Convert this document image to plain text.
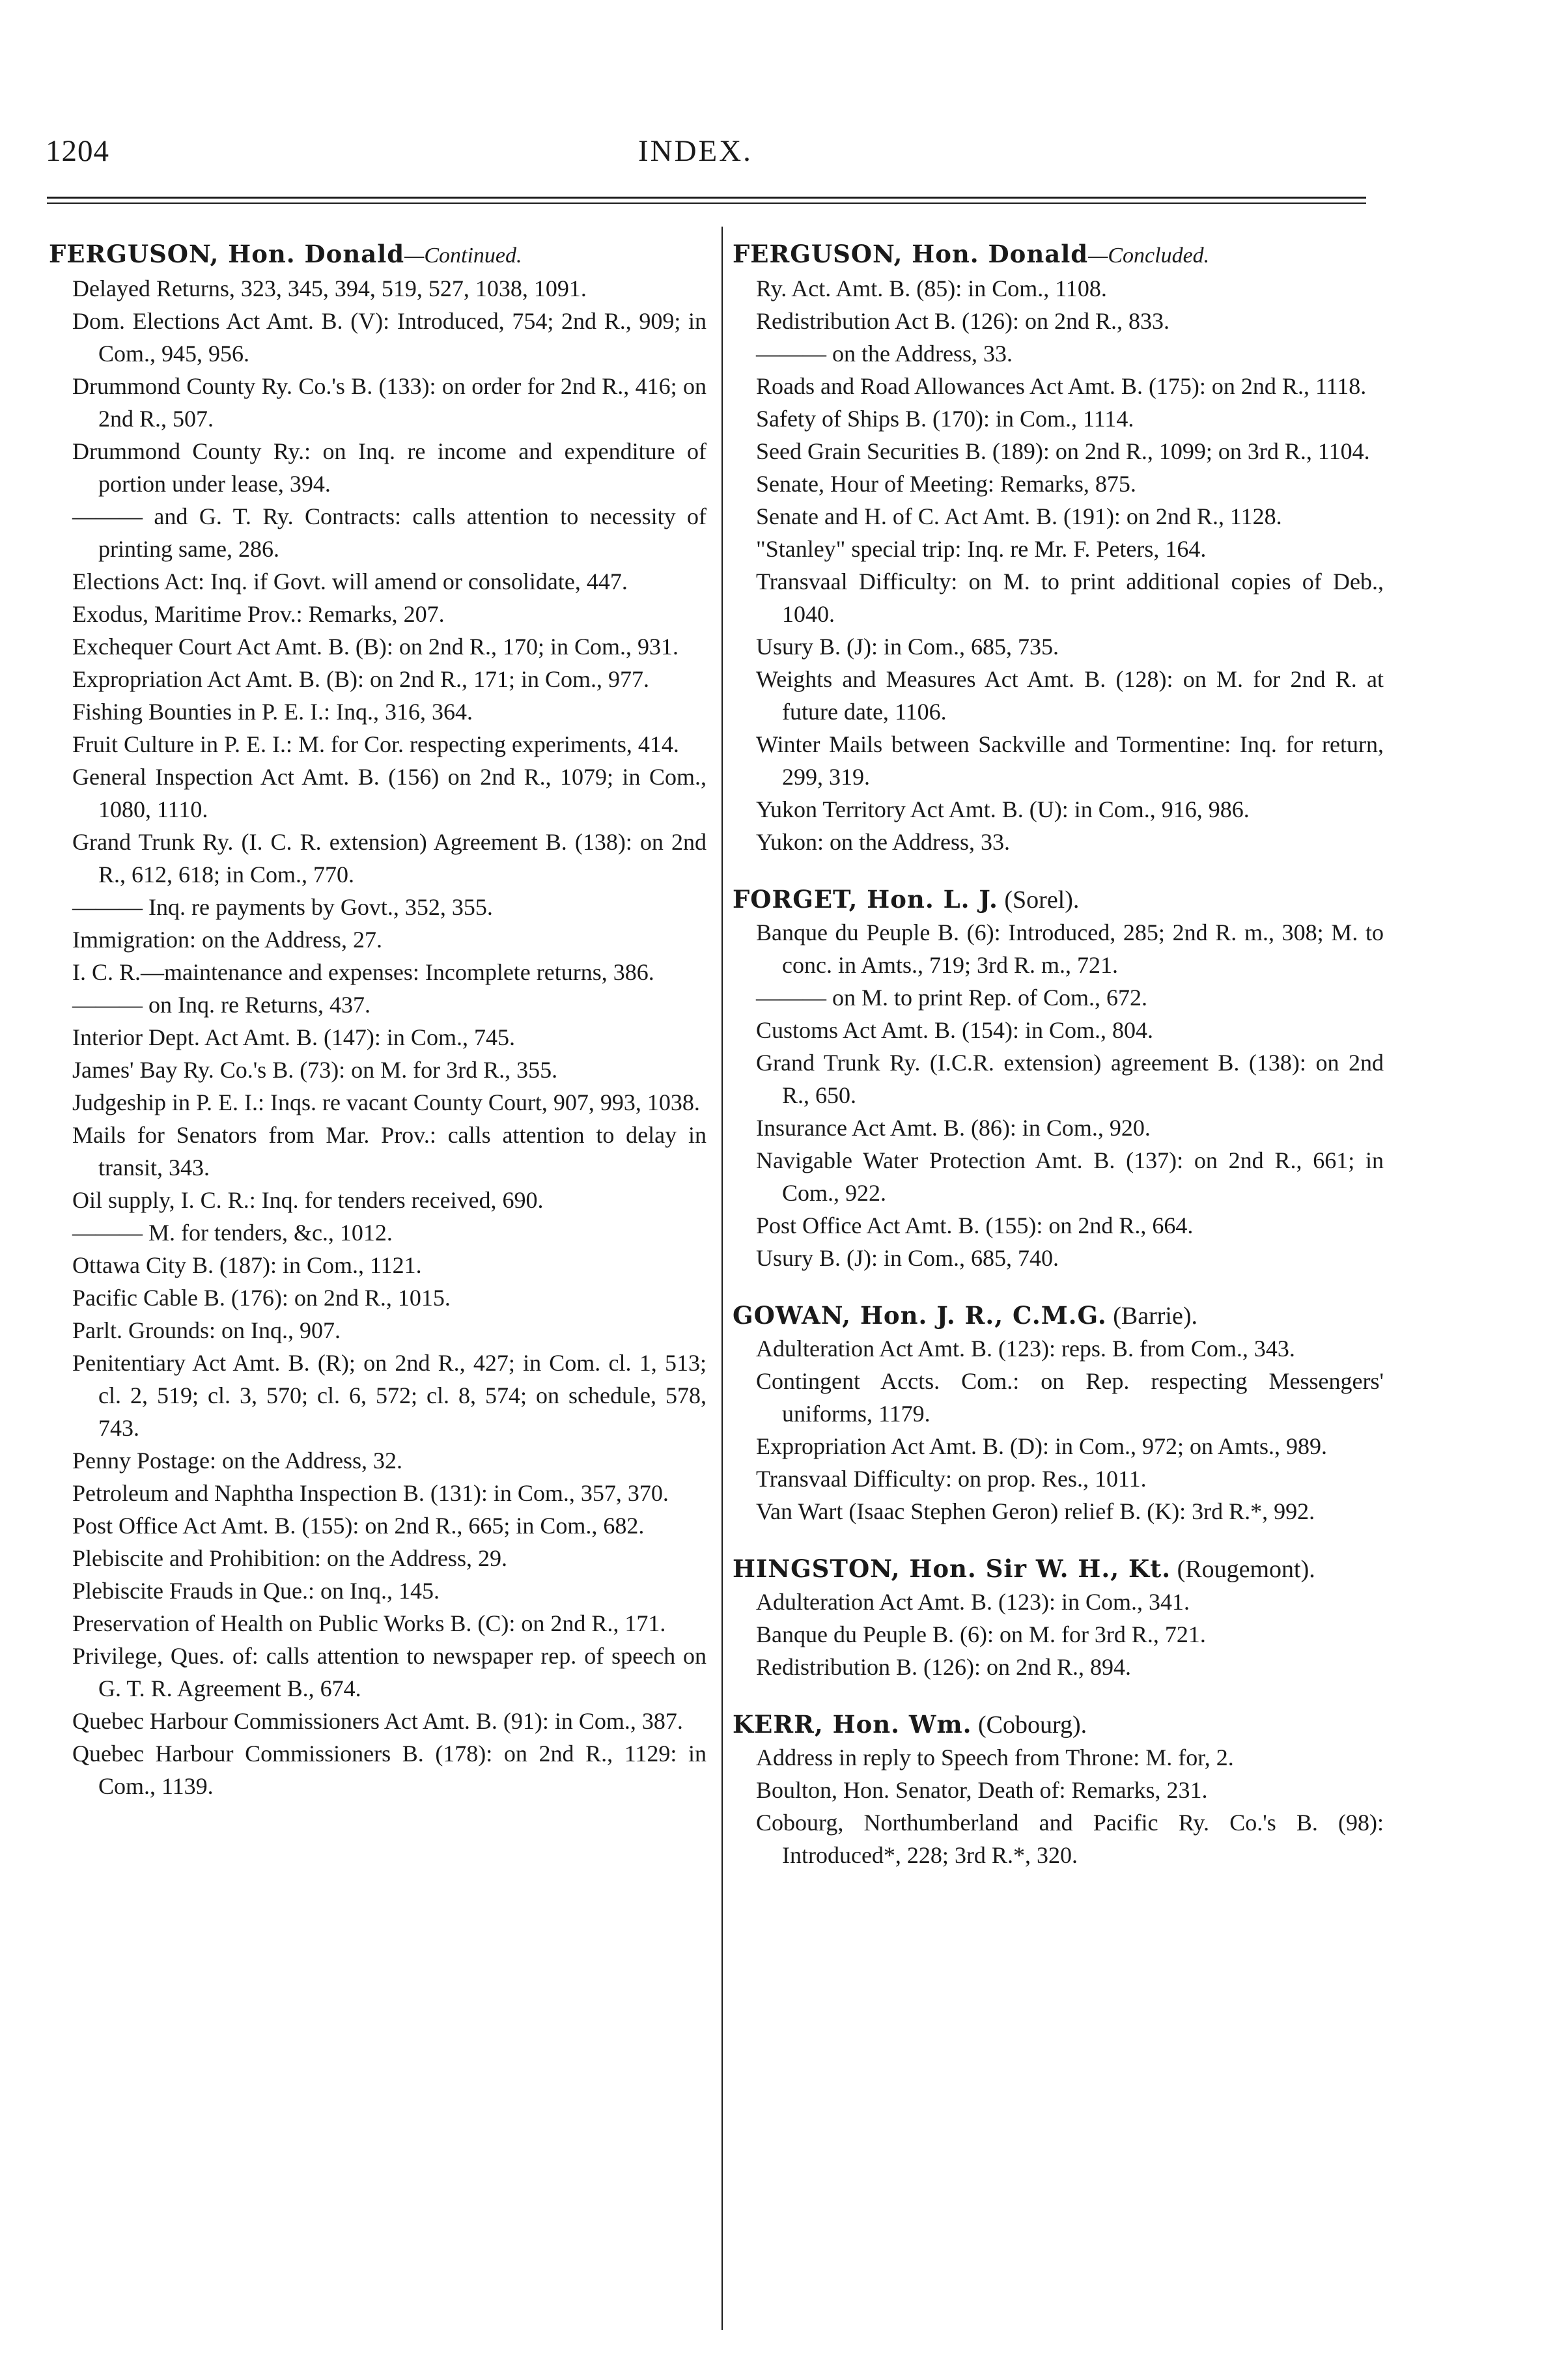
1204	INDEX.

FERGUSON, Hon. Donald—Continued.

Delayed Returns, 323, 345, 394, 519, 527, 1038, 1091.

Dom. Elections Act Amt. B. (V): Introduced, 754; 2nd R., 909; in Com., 945, 956.

Drummond County Ry. Co.'s B. (133): on order for 2nd R., 416; on 2nd R., 507.

Drummond County Ry.: on Inq. re income and expenditure of portion under lease, 394.

——— and G. T. Ry. Contracts: calls attention to necessity of printing same, 286.

Elections Act: Inq. if Govt. will amend or consolidate, 447.

Exodus, Maritime Prov.: Remarks, 207.

Exchequer Court Act Amt. B. (B): on 2nd R., 170; in Com., 931.

Expropriation Act Amt. B. (B): on 2nd R., 171; in Com., 977.

Fishing Bounties in P. E. I.: Inq., 316, 364.

Fruit Culture in P. E. I.: M. for Cor. respecting experiments, 414.

General Inspection Act Amt. B. (156) on 2nd R., 1079; in Com., 1080, 1110.

Grand Trunk Ry. (I. C. R. extension) Agreement B. (138): on 2nd R., 612, 618; in Com., 770.

——— Inq. re payments by Govt., 352, 355.

Immigration: on the Address, 27.

I. C. R.—maintenance and expenses: Incomplete returns, 386.

——— on Inq. re Returns, 437.

Interior Dept. Act Amt. B. (147): in Com., 745.

James' Bay Ry. Co.'s B. (73): on M. for 3rd R., 355.

Judgeship in P. E. I.: Inqs. re vacant County Court, 907, 993, 1038.

Mails for Senators from Mar. Prov.: calls attention to delay in transit, 343.

Oil supply, I. C. R.: Inq. for tenders received, 690.

——— M. for tenders, &c., 1012.

Ottawa City B. (187): in Com., 1121.

Pacific Cable B. (176): on 2nd R., 1015.

Parlt. Grounds: on Inq., 907.

Penitentiary Act Amt. B. (R); on 2nd R., 427; in Com. cl. 1, 513; cl. 2, 519; cl. 3, 570; cl. 6, 572; cl. 8, 574; on schedule, 578, 743.

Penny Postage: on the Address, 32.

Petroleum and Naphtha Inspection B. (131): in Com., 357, 370.

Post Office Act Amt. B. (155): on 2nd R., 665; in Com., 682.

Plebiscite and Prohibition: on the Address, 29.

Plebiscite Frauds in Que.: on Inq., 145.

Preservation of Health on Public Works B. (C): on 2nd R., 171.

Privilege, Ques. of: calls attention to newspaper rep. of speech on G. T. R. Agreement B., 674.

Quebec Harbour Commissioners Act Amt. B. (91): in Com., 387.

Quebec Harbour Commissioners B. (178): on 2nd R., 1129: in Com., 1139.

FERGUSON, Hon. Donald—Concluded.

Ry. Act. Amt. B. (85): in Com., 1108.

Redistribution Act B. (126): on 2nd R., 833.

——— on the Address, 33.

Roads and Road Allowances Act Amt. B. (175): on 2nd R., 1118.

Safety of Ships B. (170): in Com., 1114.

Seed Grain Securities B. (189): on 2nd R., 1099; on 3rd R., 1104.

Senate, Hour of Meeting: Remarks, 875.

Senate and H. of C. Act Amt. B. (191): on 2nd R., 1128.

"Stanley" special trip: Inq. re Mr. F. Peters, 164.

Transvaal Difficulty: on M. to print additional copies of Deb., 1040.

Usury B. (J): in Com., 685, 735.

Weights and Measures Act Amt. B. (128): on M. for 2nd R. at future date, 1106.

Winter Mails between Sackville and Tormentine: Inq. for return, 299, 319.

Yukon Territory Act Amt. B. (U): in Com., 916, 986.

Yukon: on the Address, 33.

FORGET, Hon. L. J. (Sorel).

Banque du Peuple B. (6): Introduced, 285; 2nd R. m., 308; M. to conc. in Amts., 719; 3rd R. m., 721.

——— on M. to print Rep. of Com., 672.

Customs Act Amt. B. (154): in Com., 804.

Grand Trunk Ry. (I.C.R. extension) agreement B. (138): on 2nd R., 650.

Insurance Act Amt. B. (86): in Com., 920.

Navigable Water Protection Amt. B. (137): on 2nd R., 661; in Com., 922.

Post Office Act Amt. B. (155): on 2nd R., 664.

Usury B. (J): in Com., 685, 740.

GOWAN, Hon. J. R., C.M.G. (Barrie).

Adulteration Act Amt. B. (123): reps. B. from Com., 343.

Contingent Accts. Com.: on Rep. respecting Messengers' uniforms, 1179.

Expropriation Act Amt. B. (D): in Com., 972; on Amts., 989.

Transvaal Difficulty: on prop. Res., 1011.

Van Wart (Isaac Stephen Geron) relief B. (K): 3rd R.*, 992.

HINGSTON, Hon. Sir W. H., Kt. (Rougemont).

Adulteration Act Amt. B. (123): in Com., 341.

Banque du Peuple B. (6): on M. for 3rd R., 721.

Redistribution B. (126): on 2nd R., 894.

KERR, Hon. Wm. (Cobourg).

Address in reply to Speech from Throne: M. for, 2.

Boulton, Hon. Senator, Death of: Remarks, 231.

Cobourg, Northumberland and Pacific Ry. Co.'s B. (98): Introduced*, 228; 3rd R.*, 320.
